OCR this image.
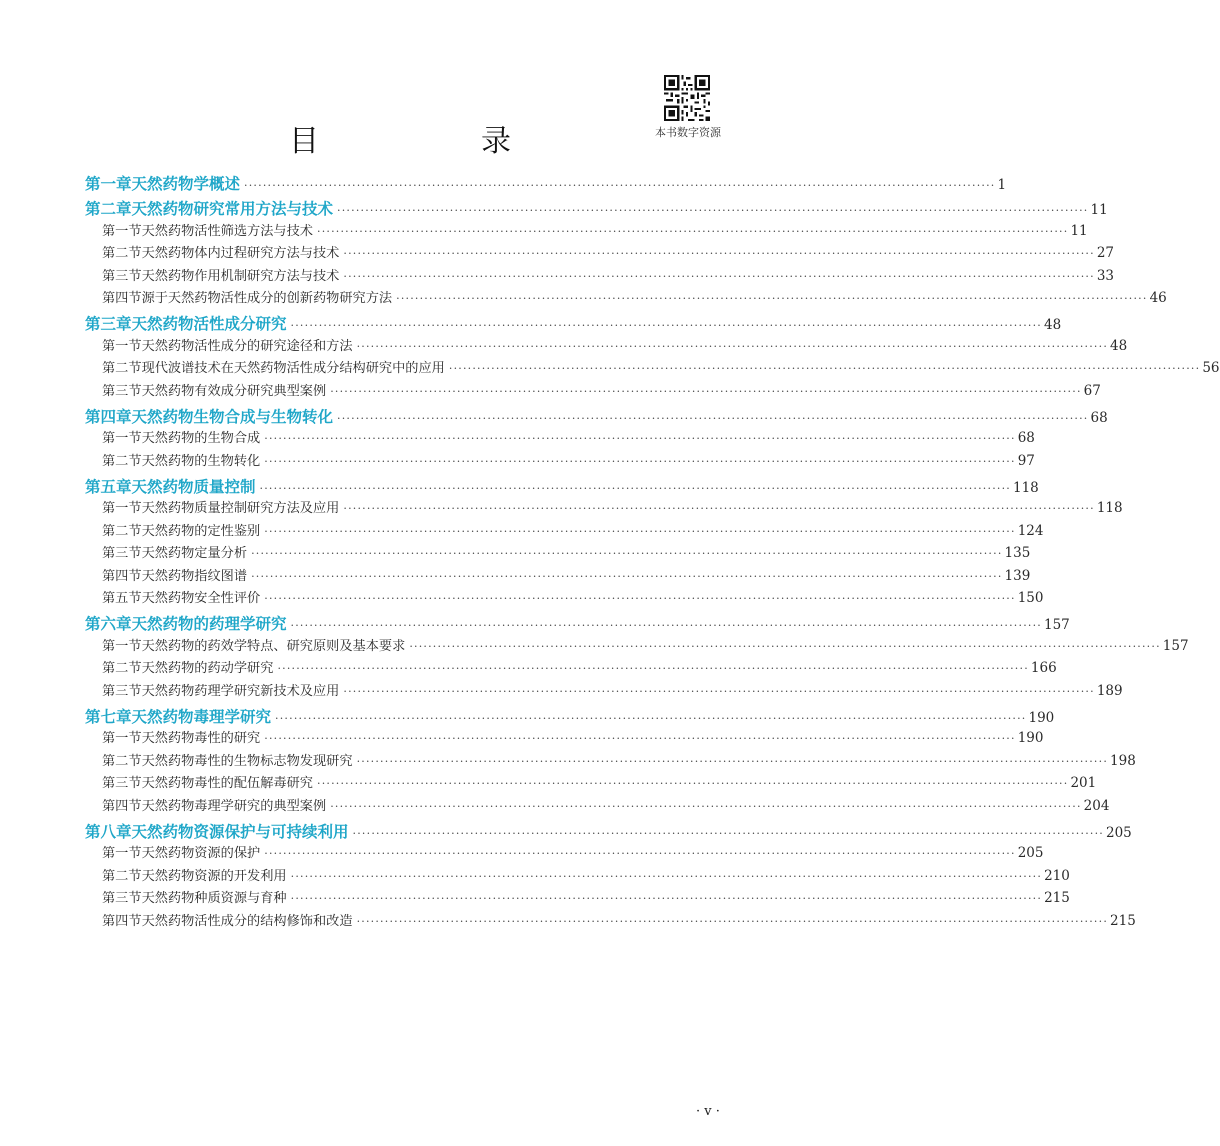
本书数字资源
目　录
第一章 天然药物学概述 ································································································································································ 1
第二章 天然药物研究常用方法与技术 ································································································································································ 11
第一节 天然药物活性筛选方法与技术 ································································································································································ 11
第二节 天然药物体内过程研究方法与技术 ································································································································································ 27
第三节 天然药物作用机制研究方法与技术 ································································································································································ 33
第四节 源于天然药物活性成分的创新药物研究方法 ································································································································································ 46
第三章 天然药物活性成分研究 ································································································································································ 48
第一节 天然药物活性成分的研究途径和方法 ································································································································································ 48
第二节 现代波谱技术在天然药物活性成分结构研究中的应用 ································································································································································ 56
第三节 天然药物有效成分研究典型案例 ································································································································································ 67
第四章 天然药物生物合成与生物转化 ································································································································································ 68
第一节 天然药物的生物合成 ································································································································································ 68
第二节 天然药物的生物转化 ································································································································································ 97
第五章 天然药物质量控制 ································································································································································ 118
第一节 天然药物质量控制研究方法及应用 ································································································································································ 118
第二节 天然药物的定性鉴别 ································································································································································ 124
第三节 天然药物定量分析 ································································································································································ 135
第四节 天然药物指纹图谱 ································································································································································ 139
第五节 天然药物安全性评价 ································································································································································ 150
第六章 天然药物的药理学研究 ································································································································································ 157
第一节 天然药物的药效学特点、研究原则及基本要求 ································································································································································ 157
第二节 天然药物的药动学研究 ································································································································································ 166
第三节 天然药物药理学研究新技术及应用 ································································································································································ 189
第七章 天然药物毒理学研究 ································································································································································ 190
第一节 天然药物毒性的研究 ································································································································································ 190
第二节 天然药物毒性的生物标志物发现研究 ································································································································································ 198
第三节 天然药物毒性的配伍解毒研究 ································································································································································ 201
第四节 天然药物毒理学研究的典型案例 ································································································································································ 204
第八章 天然药物资源保护与可持续利用 ································································································································································ 205
第一节 天然药物资源的保护 ································································································································································ 205
第二节 天然药物资源的开发利用 ································································································································································ 210
第三节 天然药物种质资源与育种 ································································································································································ 215
第四节 天然药物活性成分的结构修饰和改造 ································································································································································ 215
· v ·
